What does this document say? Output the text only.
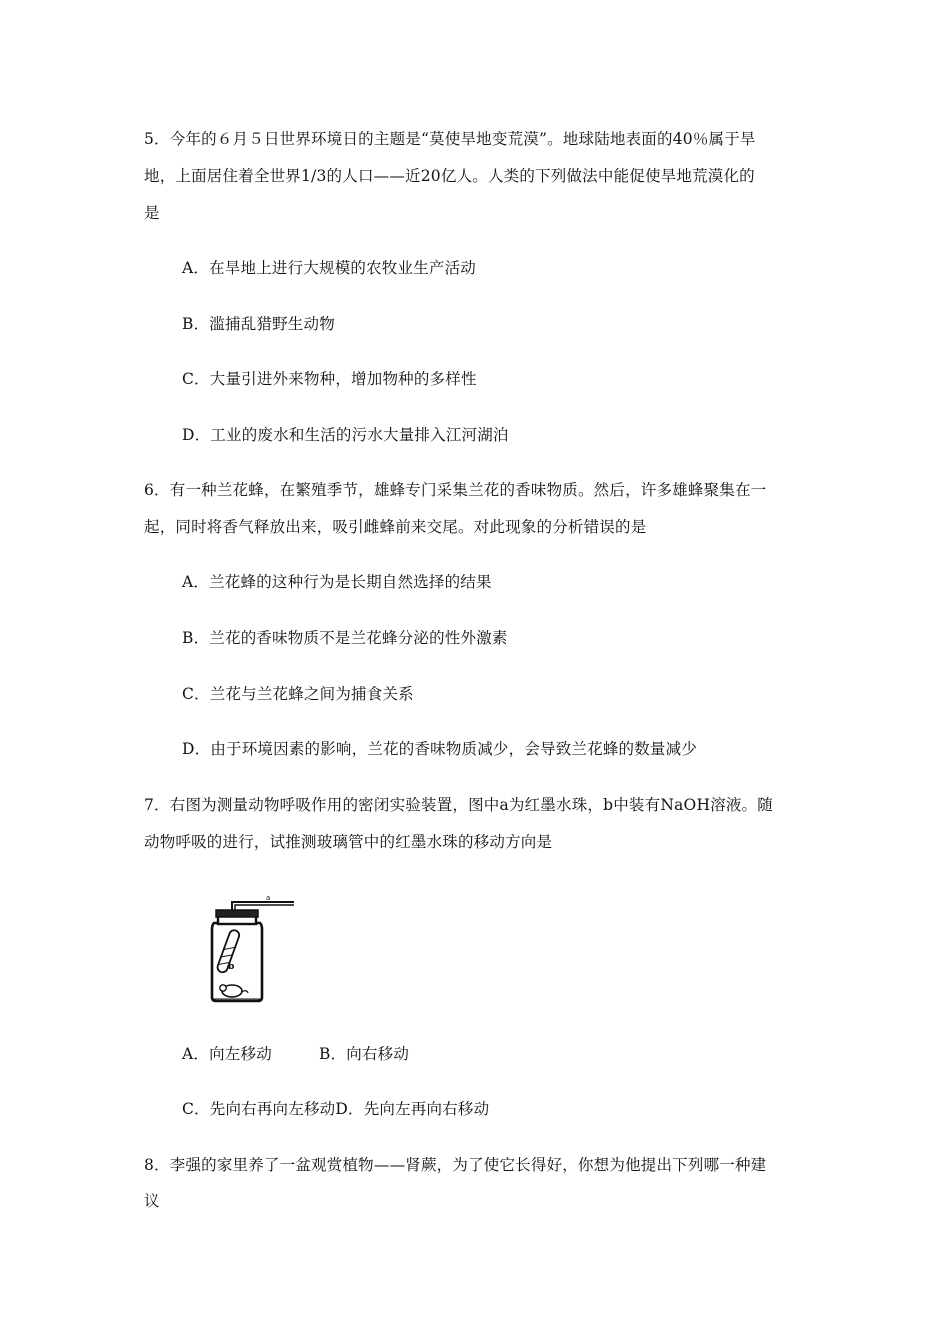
5．今年的６月５日世界环境日的主题是“莫使旱地变荒漠”。地球陆地表面的40％属于旱
地，上面居住着全世界1/3的人口——近20亿人。人类的下列做法中能促使旱地荒漠化的
是
A．在旱地上进行大规模的农牧业生产活动
B．滥捕乱猎野生动物
C．大量引进外来物种，增加物种的多样性
D．工业的废水和生活的污水大量排入江河湖泊
6．有一种兰花蜂，在繁殖季节，雄蜂专门采集兰花的香味物质。然后，许多雄蜂聚集在一
起，同时将香气释放出来，吸引雌蜂前来交尾。对此现象的分析错误的是
A．兰花蜂的这种行为是长期自然选择的结果
B．兰花的香味物质不是兰花蜂分泌的性外激素
C．兰花与兰花蜂之间为捕食关系
D．由于环境因素的影响，兰花的香味物质减少，会导致兰花蜂的数量减少
7．右图为测量动物呼吸作用的密闭实验装置，图中a为红墨水珠，b中装有NaOH溶液。随
动物呼吸的进行，试推测玻璃管中的红墨水珠的移动方向是
a
b
A．向左移动　　　B．向右移动
C．先向右再向左移动D．先向左再向右移动
8．李强的家里养了一盆观赏植物——肾蕨，为了使它长得好，你想为他提出下列哪一种建
议
